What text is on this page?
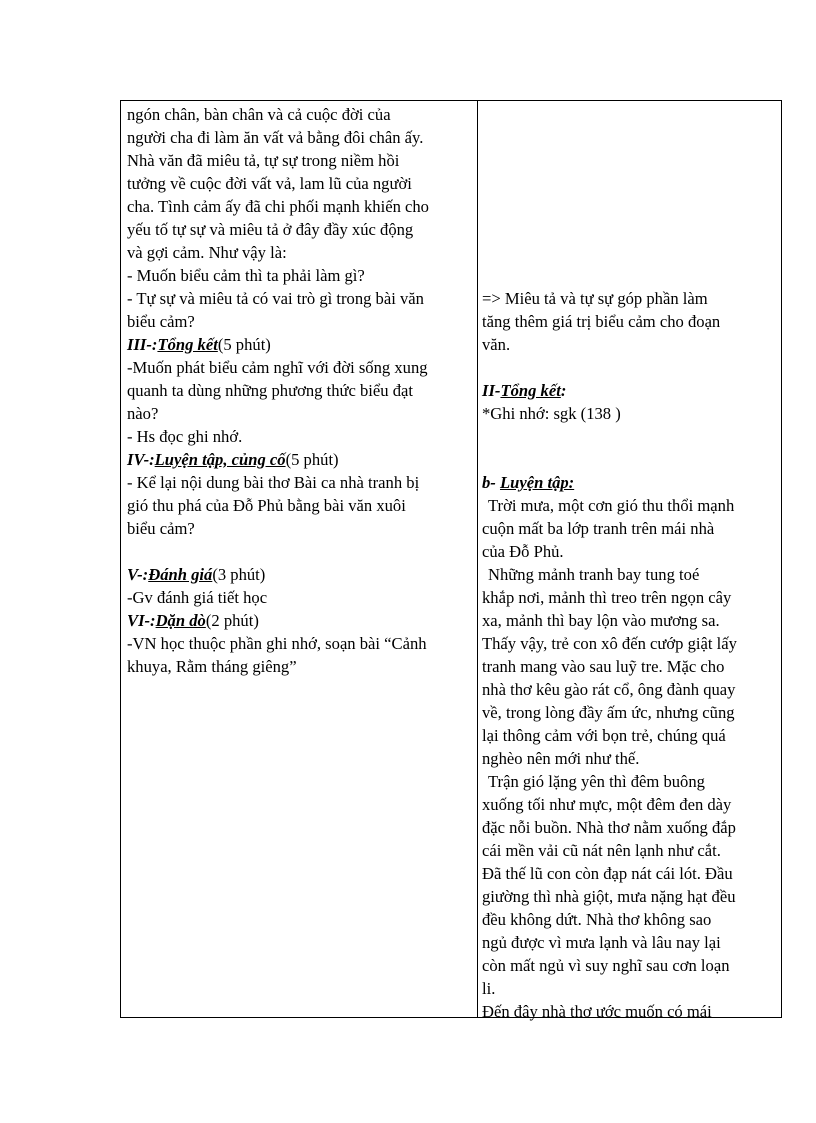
ngón chân, bàn chân và cả cuộc đời của
người cha đi làm ăn vất vả bằng đôi chân ấy.
Nhà văn đã miêu tả, tự sự trong niềm hồi
tưởng về cuộc đời vất vả, lam lũ của người
cha. Tình cảm ấy đã chi phối mạnh khiến cho
yếu tố tự sự và miêu tả ở đây đầy xúc động
và gợi cảm. Như vậy là:
- Muốn biểu cảm thì ta phải làm gì?
- Tự sự và miêu tả có vai trò gì trong bài văn
biểu cảm?
III-:Tổng kết(5 phút)
-Muốn phát biểu cảm nghĩ với đời sống xung
quanh ta dùng những phương thức biểu đạt
nào?
- Hs đọc ghi nhớ.
IV-:Luyện tập, củng cố(5 phút)
- Kể lại nội dung bài thơ Bài ca nhà tranh bị
gió thu phá của Đỗ Phủ bằng bài văn xuôi
biểu cảm?
V-:Đánh giá(3 phút)
-Gv đánh giá tiết học
VI-:Dặn dò(2 phút)
-VN học thuộc phần ghi nhớ, soạn bài “Cảnh
khuya, Rằm tháng giêng”
=> Miêu tả và tự sự góp phần làm
tăng thêm giá trị biểu cảm cho đoạn
văn.
II-Tổng kết:
*Ghi nhớ: sgk (138 )
b- Luyện tập:
Trời mưa, một cơn gió thu thổi mạnh
cuộn mất ba lớp tranh trên mái nhà
của Đỗ Phủ.
Những mảnh tranh bay tung toé
khắp nơi, mảnh thì treo trên ngọn cây
xa, mảnh thì bay lộn vào mương sa.
Thấy vậy, trẻ con xô đến cướp giật lấy
tranh mang vào sau luỹ tre. Mặc cho
nhà thơ kêu gào rát cổ, ông đành quay
về, trong lòng đầy ấm ức, nhưng cũng
lại thông cảm với bọn trẻ, chúng quá
nghèo nên mới như thế.
Trận gió lặng yên thì đêm buông
xuống tối như mực, một đêm đen dày
đặc nỗi buồn. Nhà thơ nằm xuống đắp
cái mền vải cũ nát nên lạnh như cắt.
Đã thế lũ con còn đạp nát cái lót. Đầu
giường thì nhà giột, mưa nặng hạt đều
đều không dứt. Nhà thơ không sao
ngủ được vì mưa lạnh và lâu nay lại
còn mất ngủ vì suy nghĩ sau cơn loạn
li.
Đến đây nhà thơ ước muốn có mái
